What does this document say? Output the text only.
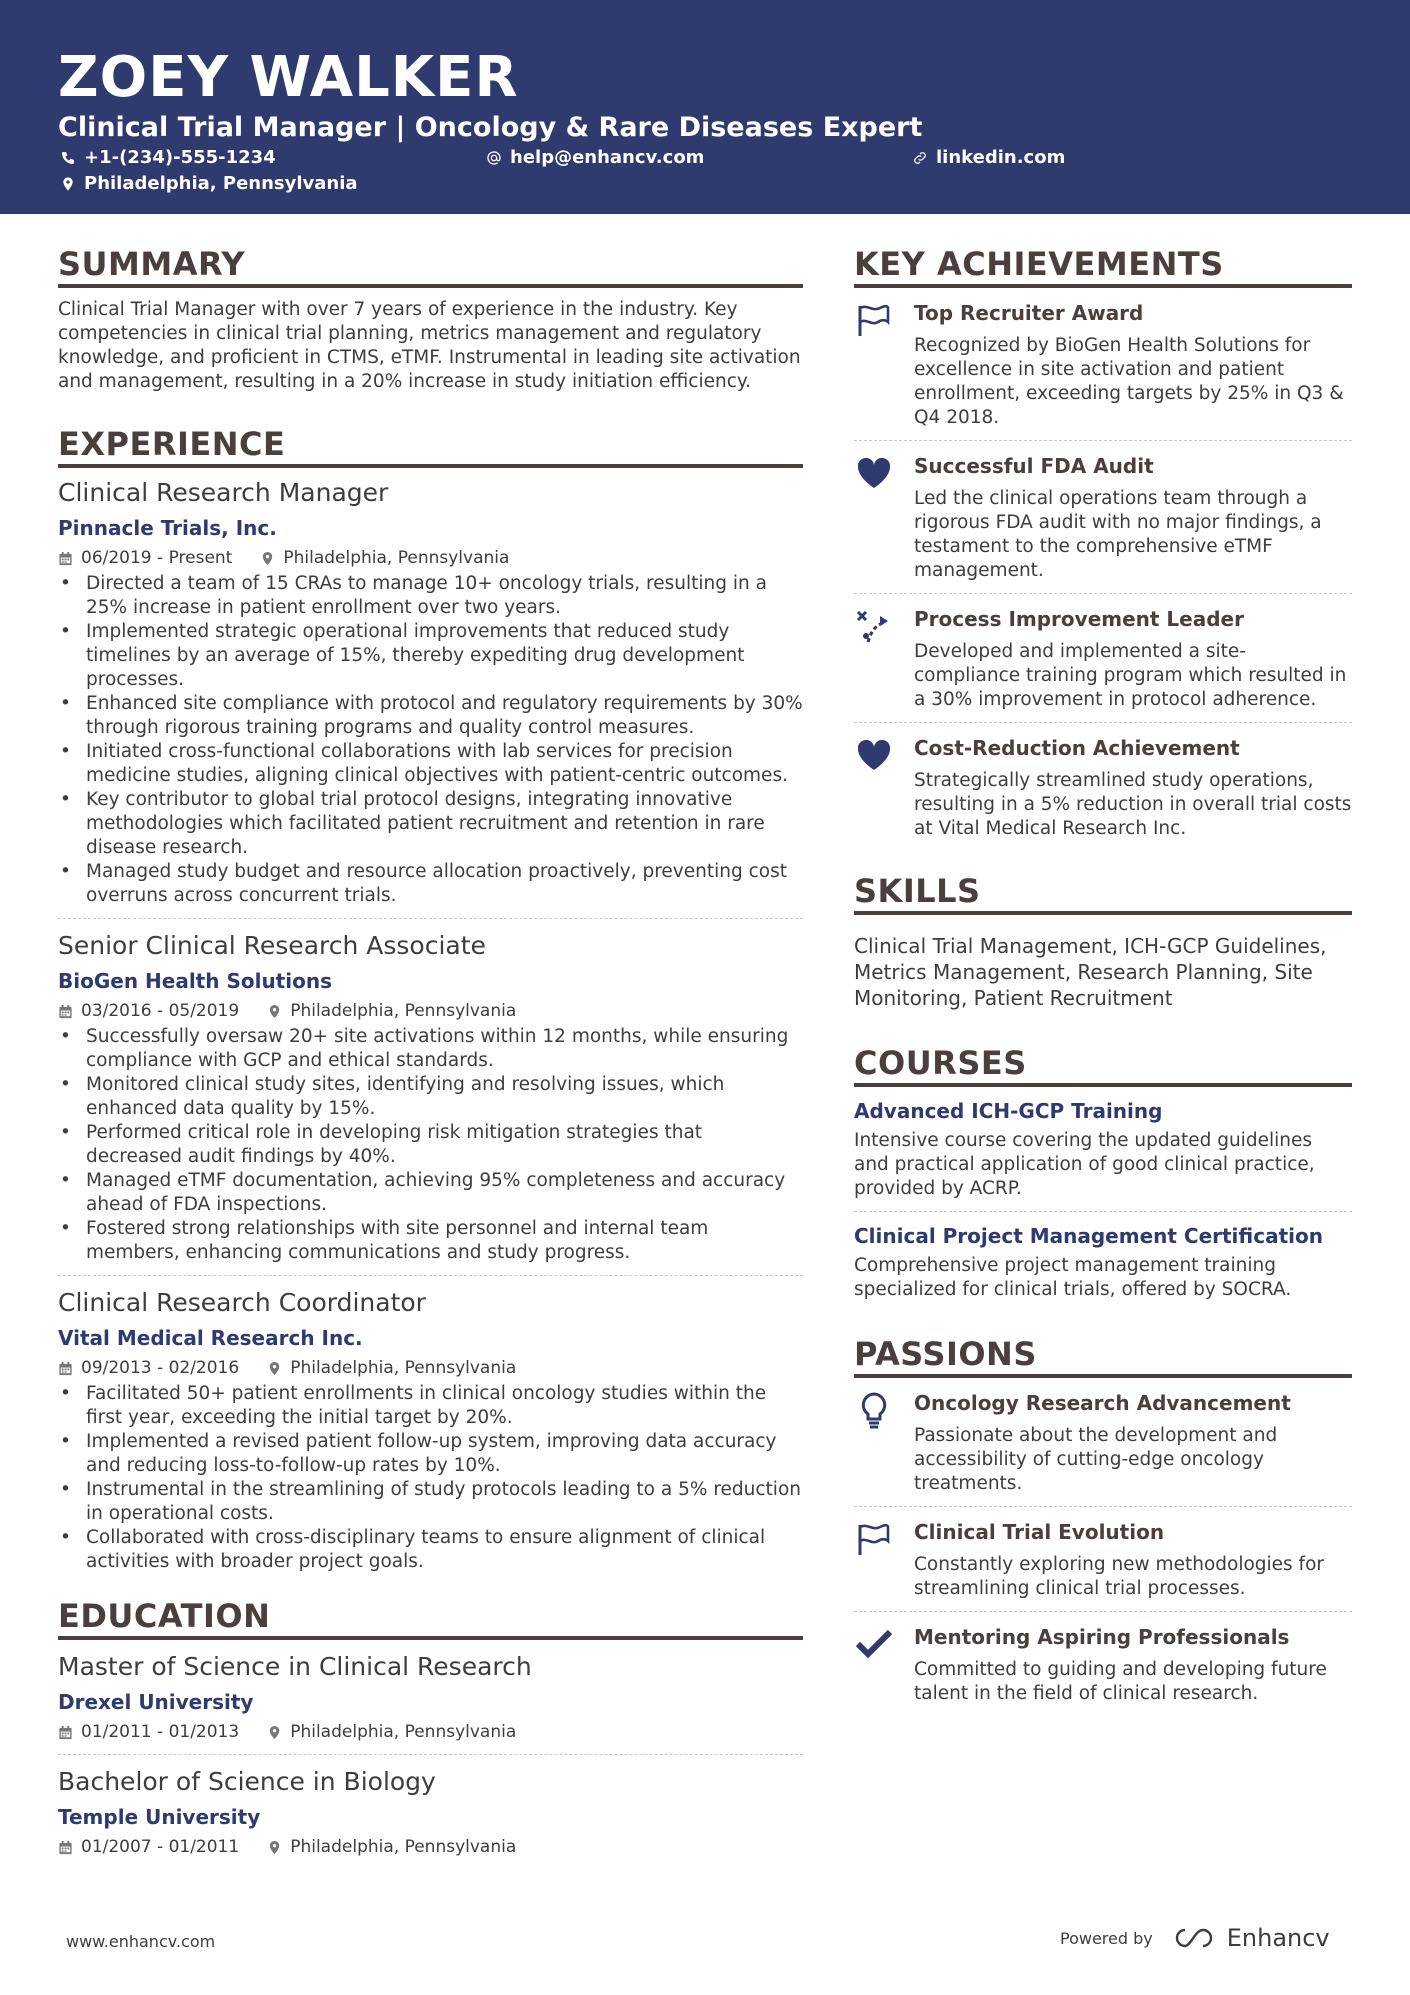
ZOEY WALKER
Clinical Trial Manager | Oncology & Rare Diseases Expert
+1-(234)-555-1234	help@enhancv.com	linkedin.com
Philadelphia, Pennsylvania
SUMMARY

Clinical Trial Manager with over 7 years of experience in the industry. Key competencies in clinical trial planning, metrics management and regulatory knowledge, and proficient in CTMS, eTMF. Instrumental in leading site activation and management, resulting in a 20% increase in study initiation efficiency.

EXPERIENCE
Clinical Research Manager
Pinnacle Trials, Inc.
06/2019 - Present	Philadelphia, Pennsylvania
• Directed a team of 15 CRAs to manage 10+ oncology trials, resulting in a 25% increase in patient enrollment over two years.
• Implemented strategic operational improvements that reduced study timelines by an average of 15%, thereby expediting drug development processes.
• Enhanced site compliance with protocol and regulatory requirements by 30% through rigorous training programs and quality control measures.
• Initiated cross-functional collaborations with lab services for precision medicine studies, aligning clinical objectives with patient-centric outcomes.
• Key contributor to global trial protocol designs, integrating innovative methodologies which facilitated patient recruitment and retention in rare disease research.
• Managed study budget and resource allocation proactively, preventing cost overruns across concurrent trials.
Senior Clinical Research Associate
BioGen Health Solutions
03/2016 - 05/2019	Philadelphia, Pennsylvania
• Successfully oversaw 20+ site activations within 12 months, while ensuring compliance with GCP and ethical standards.
• Monitored clinical study sites, identifying and resolving issues, which enhanced data quality by 15%.
• Performed critical role in developing risk mitigation strategies that decreased audit findings by 40%.
• Managed eTMF documentation, achieving 95% completeness and accuracy ahead of FDA inspections.
• Fostered strong relationships with site personnel and internal team members, enhancing communications and study progress.
Clinical Research Coordinator
Vital Medical Research Inc.
09/2013 - 02/2016	Philadelphia, Pennsylvania
• Facilitated 50+ patient enrollments in clinical oncology studies within the first year, exceeding the initial target by 20%.
• Implemented a revised patient follow-up system, improving data accuracy and reducing loss-to-follow-up rates by 10%.
• Instrumental in the streamlining of study protocols leading to a 5% reduction in operational costs.
• Collaborated with cross-disciplinary teams to ensure alignment of clinical activities with broader project goals.
EDUCATION
Master of Science in Clinical Research
Drexel University
01/2011 - 01/2013	Philadelphia, Pennsylvania
Bachelor of Science in Biology
Temple University
01/2007 - 01/2011	Philadelphia, Pennsylvania
KEY ACHIEVEMENTS
Top Recruiter Award

Recognized by BioGen Health Solutions for excellence in site activation and patient enrollment, exceeding targets by 25% in Q3 & Q4 2018.

Successful FDA Audit

Led the clinical operations team through a rigorous FDA audit with no major findings, a testament to the comprehensive eTMF management.

Process Improvement Leader

Developed and implemented a site-compliance training program which resulted in a 30% improvement in protocol adherence.

Cost-Reduction Achievement

Strategically streamlined study operations, resulting in a 5% reduction in overall trial costs at Vital Medical Research Inc.

SKILLS

Clinical Trial Management, ICH-GCP Guidelines, Metrics Management, Research Planning, Site Monitoring, Patient Recruitment

COURSES
Advanced ICH-GCP Training

Intensive course covering the updated guidelines and practical application of good clinical practice, provided by ACRP.

Clinical Project Management Certification

Comprehensive project management training specialized for clinical trials, offered by SOCRA.

PASSIONS
Oncology Research Advancement

Passionate about the development and accessibility of cutting-edge oncology treatments.

Clinical Trial Evolution

Constantly exploring new methodologies for streamlining clinical trial processes.

Mentoring Aspiring Professionals

Committed to guiding and developing future talent in the field of clinical research.

www.enhancv.com	Powered by	Enhancv
